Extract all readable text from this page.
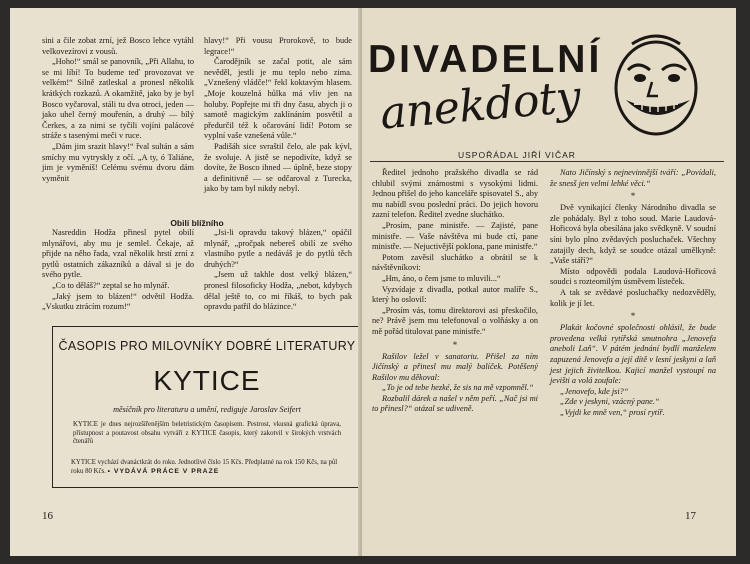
sini a čile zobat zrní, jež Bosco lehce vytáhl velkovezírovi z vousů.

„Hoho!“ smál se panovník, „Při Allahu, to se mi líbí! To budeme teď provozovat ve velkém!“ Silně zatleskal a pronesl několik krátkých rozkazů. A okamžitě, jako by je byl Bosco vyčaroval, stáli tu dva otroci, jeden — jako uhel černý mouřenín, a druhý — bílý Čerkes, a za nimi se tyčili vojíni palácové stráže s tasenými meči v ruce.

„Dám jim srazit hlavy!“ řval sultán a sám smíchy mu vytryskly z očí. „A ty, ó Taliáne, jim je vyměníš! Celému svému dvoru dám vyměnit

hlavy!“ Při vousu Prorokově, to bude legrace!“

Čarodějník se začal potit, ale sám nevěděl, jestli je mu teplo nebo zima. „Vznešený vládče!“ řekl koktavým hlasem. „Moje kouzelná hůlka má vliv jen na holuby. Popřejte mi tři dny času, abych ji o samotě magickým zaklínáním posvětil a předurčil též k očarování lidí! Potom se vyplní vaše vznešená vůle.“

Padišáh sice svraštil čelo, ale pak kývl, že svoluje. A jistě se nepodivíte, když se dovíte, že Bosco ihned — úplně, beze stopy a definitivně — se odčaroval z Turecka, jako by tam byl nikdy nebyl.

Obilí blížního

Nasreddin Hodža přinesl pytel obilí mlynářovi, aby mu je semlel. Čekaje, až přijde na něho řada, vzal několik hrstí zrní z pytlů ostatních zákazníků a dával si je do svého pytle.

„Co to děláš?“ zeptal se ho mlynář.

„Jaký jsem to blázen!“ odvětil Hodža. „Vskutku ztrácím rozum!“

„Jsi-li opravdu takový blázen,“ opáčil mlynář, „pročpak nebereš obilí ze svého vlastního pytle a nedáváš je do pytlů těch druhých?“

„Jsem už takhle dost velký blázen,“ pronesl filosoficky Hodža, „nebot, kdybych dělal ještě to, co mi říkáš, to bych pak opravdu patřil do blázince.“

ČASOPIS PRO MILOVNÍKY DOBRÉ LITERATURY
KYTICE
měsíčník pro literaturu a umění, rediguje Jaroslav Seifert
KYTICE je dnes nejrozšířenějším beletristickým časopisem. Pestrost, vkusná grafická úprava, přístupnost a poutavost obsahu vytváří z KYTICE časopis, který zakotvil v širokých vrstvách čtenářů
KYTICE vychází dvanáctkrát do roku. Jednotlivé číslo 15 Kčs. Předplatné na rok 150 Kčs, na půl roku 80 Kčs. • VYDÁVÁ PRÁCE V PRAZE
16
DIVADELNÍ
anekdoty
USPOŘÁDAL JIŘÍ VIČAR

Ředitel jednoho pražského divadla se rád chlubil svými známostmi s vysokými lidmi. Jednou přišel do jeho kanceláře spisovatel S., aby mu nabídl svou poslední práci. Do jejich hovoru zazní telefon. Ředitel zvedne sluchátko.

„Prosím, pane ministře. — Zajisté, pane ministře. — Vaše návštěva mi bude ctí, pane ministře. — Nejuctivější poklona, pane ministře.“

Potom zavěsil sluchátko a obrátil se k návštěvníkovi:

„Hm, áno, o čem jsme to mluvili...“

Vyzvídaje z divadla, potkal autor malíře S., který ho oslovil:

„Prosím vás, tomu direktorovi asi přeskočilo, ne? Právě jsem mu telefonoval o volňásky a on mě pořád titulovat pane ministře.“

*

Rašilov ležel v sanatoriu. Přišel za ním Jičínský a přinesl mu malý balíček. Potěšený Rašilov mu děkoval:

„To je od tebe hezké, že sis na mě vzpomněl.“

Rozbalil dárek a našel v něm peří. „Nač jsi mi to přinesl?“ otázal se udiveně.

Nato Jičínský s nejnevinnější tváří: „Povídali, že snesš jen velmi lehké věci.“

*

Dvě vynikající členky Národního divadla se zle pohádaly. Byl z toho soud. Marie Laudová-Hořicová byla obesílána jako svědkyně. V soudní síni bylo plno zvědavých posluchaček. Všechny zatajily dech, když se soudce otázal umělkyně: „Vaše stáří?“

Místo odpovědi podala Laudová-Hořicová soudci s rozteomilým úsměvem lísteček.

A tak se zvědavé posluchačky nedozvěděly, kolik je jí let.

*

Plakát kočovné společnosti ohlásil, že bude provedena velká rytířská smutnohra „Jenovefa aneboli Laň“. V pátém jednání bydlí manželem zapuzená Jenovefa a její dítě v lesní jeskyni a laň jest jejich živitelkou. Kajicí manžel vystoupí na jevišti a volá zoufale:

„Jenovefo, kde jsi?“

„Zde v jeskyni, vzácný pane.“

„Vyjdi ke mně ven,“ prosí rytíř.

17
